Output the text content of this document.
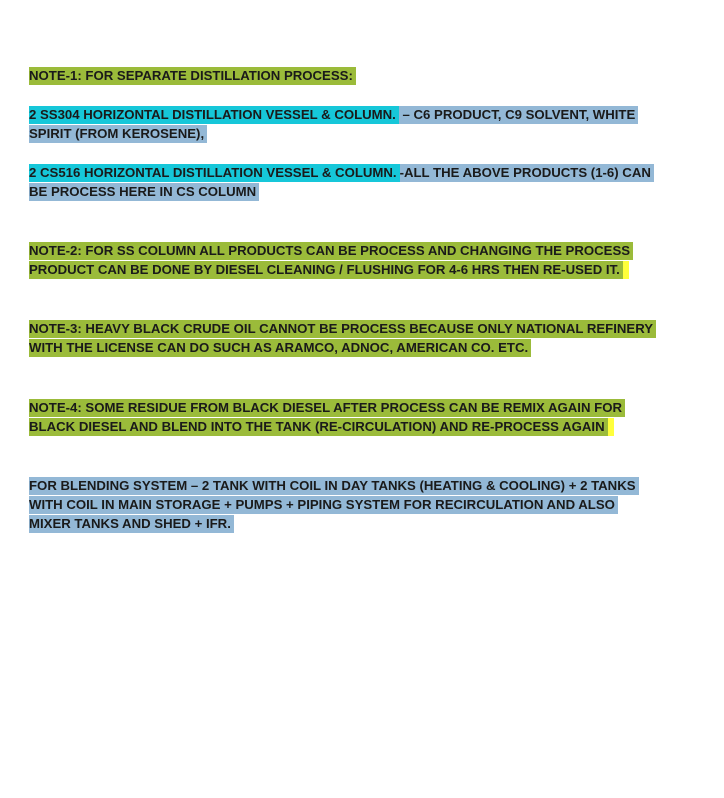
NOTE-1: FOR SEPARATE DISTILLATION PROCESS:

2 SS304 HORIZONTAL DISTILLATION VESSEL & COLUMN. – C6 PRODUCT, C9 SOLVENT, WHITE
SPIRIT (FROM KEROSENE),

2 CS516 HORIZONTAL DISTILLATION VESSEL & COLUMN. -ALL THE ABOVE PRODUCTS (1-6) CAN
BE PROCESS HERE IN CS COLUMN

NOTE-2: FOR SS COLUMN ALL PRODUCTS CAN BE PROCESS AND CHANGING THE PROCESS
PRODUCT CAN BE DONE BY DIESEL CLEANING / FLUSHING FOR 4-6 HRS THEN RE-USED IT.

NOTE-3: HEAVY BLACK CRUDE OIL CANNOT BE PROCESS BECAUSE ONLY NATIONAL REFINERY
WITH THE LICENSE CAN DO SUCH AS ARAMCO, ADNOC, AMERICAN CO. ETC.

NOTE-4: SOME RESIDUE FROM BLACK DIESEL AFTER PROCESS CAN BE REMIX AGAIN FOR
BLACK DIESEL AND BLEND INTO THE TANK (RE-CIRCULATION) AND RE-PROCESS AGAIN

FOR BLENDING SYSTEM – 2 TANK WITH COIL IN DAY TANKS (HEATING & COOLING) + 2 TANKS
WITH COIL IN MAIN STORAGE + PUMPS + PIPING SYSTEM FOR RECIRCULATION AND ALSO
MIXER TANKS AND SHED + IFR.
